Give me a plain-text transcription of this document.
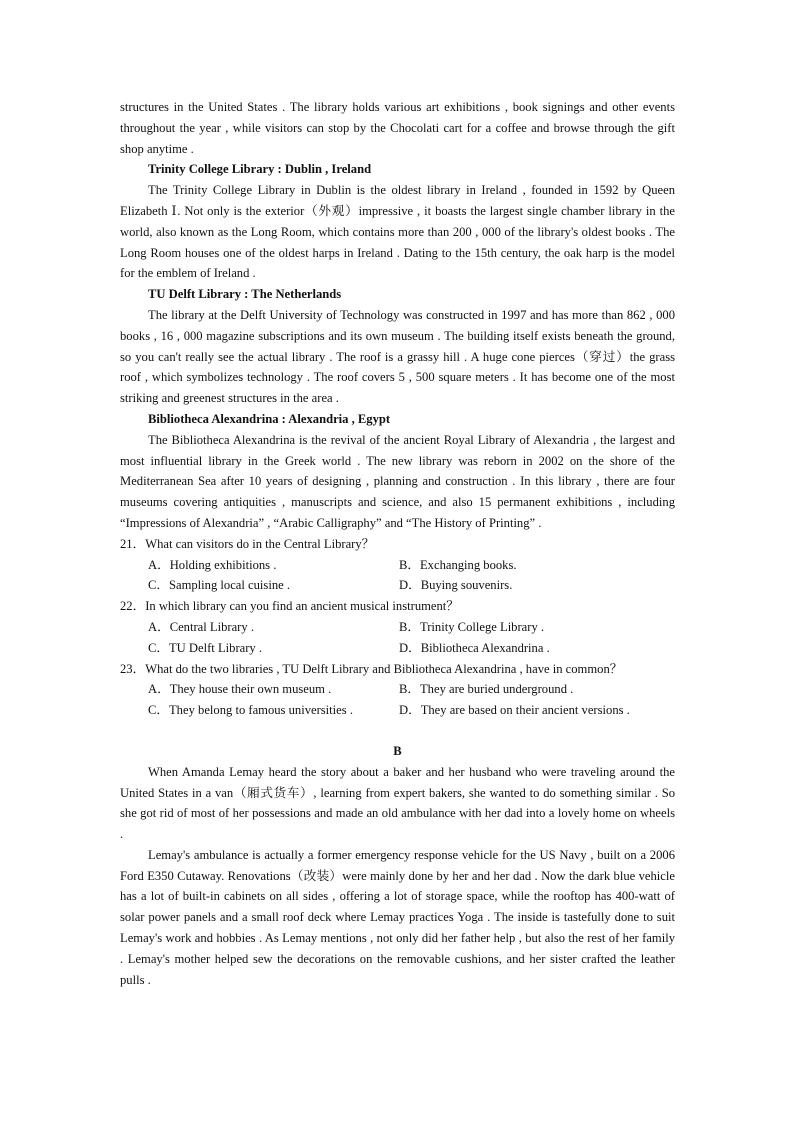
structures in the United States . The library holds various art exhibitions , book signings and other events throughout the year , while visitors can stop by the Chocolati cart for a coffee and browse through the gift shop anytime .

Trinity College Library : Dublin , Ireland

The Trinity College Library in Dublin is the oldest library in Ireland , founded in 1592 by Queen Elizabeth Ⅰ. Not only is the exterior（外观）impressive , it boasts the largest single chamber library in the world, also known as the Long Room, which contains more than 200 , 000 of the library's oldest books . The Long Room houses one of the oldest harps in Ireland . Dating to the 15th century, the oak harp is the model for the emblem of Ireland .

TU Delft Library : The Netherlands

The library at the Delft University of Technology was constructed in 1997 and has more than 862 , 000 books , 16 , 000 magazine subscriptions and its own museum . The building itself exists beneath the ground, so you can't really see the actual library . The roof is a grassy hill . A huge cone pierces（穿过）the grass roof , which symbolizes technology . The roof covers 5 , 500 square meters . It has become one of the most striking and greenest structures in the area .

Bibliotheca Alexandrina : Alexandria , Egypt

The Bibliotheca Alexandrina is the revival of the ancient Royal Library of Alexandria , the largest and most influential library in the Greek world . The new library was reborn in 2002 on the shore of the Mediterranean Sea after 10 years of designing , planning and construction . In this library , there are four museums covering antiquities , manuscripts and science, and also 15 permanent exhibitions , including “Impressions of Alexandria” , “Arabic Calligraphy” and “The History of Printing” .

21．What can visitors do in the Central Library？

A．Holding exhibitions .	B．Exchanging books.
C．Sampling local cuisine .	D．Buying souvenirs.

22．In which library can you find an ancient musical instrument？

A．Central Library .	B．Trinity College Library .
C．TU Delft Library .	D．Bibliotheca Alexandrina .

23．What do the two libraries , TU Delft Library and Bibliotheca Alexandrina , have in common？

A．They house their own museum .	B．They are buried underground .
C．They belong to famous universities .	D．They are based on their ancient versions .

B

When Amanda Lemay heard the story about a baker and her husband who were traveling around the United States in a van（厢式货车）, learning from expert bakers, she wanted to do something similar . So she got rid of most of her possessions and made an old ambulance with her dad into a lovely home on wheels .

Lemay's ambulance is actually a former emergency response vehicle for the US Navy , built on a 2006 Ford E350 Cutaway. Renovations（改装）were mainly done by her and her dad . Now the dark blue vehicle has a lot of built-in cabinets on all sides , offering a lot of storage space, while the rooftop has 400-watt of solar power panels and a small roof deck where Lemay practices Yoga . The inside is tastefully done to suit Lemay's work and hobbies . As Lemay mentions , not only did her father help , but also the rest of her family . Lemay's mother helped sew the decorations on the removable cushions, and her sister crafted the leather pulls .
